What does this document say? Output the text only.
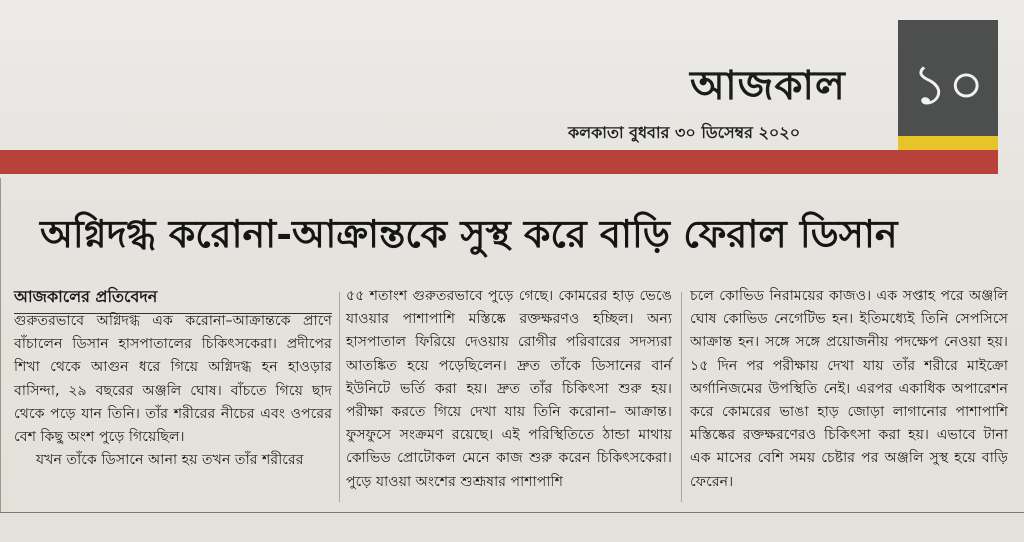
আজকাল
কলকাতা বুধবার ৩০ ডিসেম্বর ২০২০
১০
অগ্নিদগ্ধ করোনা-আক্রান্তকে সুস্থ করে বাড়ি ফেরাল ডিসান
আজকালের প্রতিবেদন

গুরুতরভাবে অগ্নিদগ্ধ এক করোনা–আক্রান্তকে প্রাণে বাঁচালেন ডিসান হাসপাতালের চিকিৎসকেরা। প্রদীপের শিখা থেকে আগুন ধরে গিয়ে অগ্নিদগ্ধ হন হাওড়ার বাসিন্দা, ২৯ বছরের অঞ্জলি ঘোষ। বাঁচতে গিয়ে ছাদ থেকে পড়ে যান তিনি। তাঁর শরীরের নীচের এবং ওপরের বেশ কিছু অংশ পুড়ে গিয়েছিল।

যখন তাঁকে ডিসানে আনা হয় তখন তাঁর শরীরের

৫৫ শতাংশ গুরুতরভাবে পুড়ে গেছে। কোমরের হাড় ভেঙে যাওয়ার পাশাপাশি মস্তিষ্কে রক্তক্ষরণও হচ্ছিল। অন্য হাসপাতাল ফিরিয়ে দেওয়ায় রোগীর পরিবারের সদস্যরা আতঙ্কিত হয়ে পড়েছিলেন। দ্রুত তাঁকে ডিসানের বার্ন ইউনিটে ভর্তি করা হয়। দ্রুত তাঁর চিকিৎসা শুরু হয়। পরীক্ষা করতে গিয়ে দেখা যায় তিনি করোনা– আক্রান্ত। ফুসফুসে সংক্রমণ রয়েছে। এই পরিস্থিতিতে ঠান্ডা মাথায় কোভিড প্রোটোকল মেনে কাজ শুরু করেন চিকিৎসকেরা। পুড়ে যাওয়া অংশের শুশ্রূষার পাশাপাশি

চলে কোভিড নিরাময়ের কাজও। এক সপ্তাহ পরে অঞ্জলি ঘোষ কোভিড নেগেটিভ হন। ইতিমধ্যেই তিনি সেপসিসে আক্রান্ত হন। সঙ্গে সঙ্গে প্রয়োজনীয় পদক্ষেপ নেওয়া হয়। ১৫ দিন পর পরীক্ষায় দেখা যায় তাঁর শরীরে মাইক্রো অর্গানিজমের উপস্থিতি নেই। এরপর একাধিক অপারেশন করে কোমরের ভাঙা হাড় জোড়া লাগানোর পাশাপাশি মস্তিষ্কের রক্তক্ষরণেরও চিকিৎসা করা হয়। এভাবে টানা এক মাসের বেশি সময় চেষ্টার পর অঞ্জলি সুস্থ হয়ে বাড়ি ফেরেন।
